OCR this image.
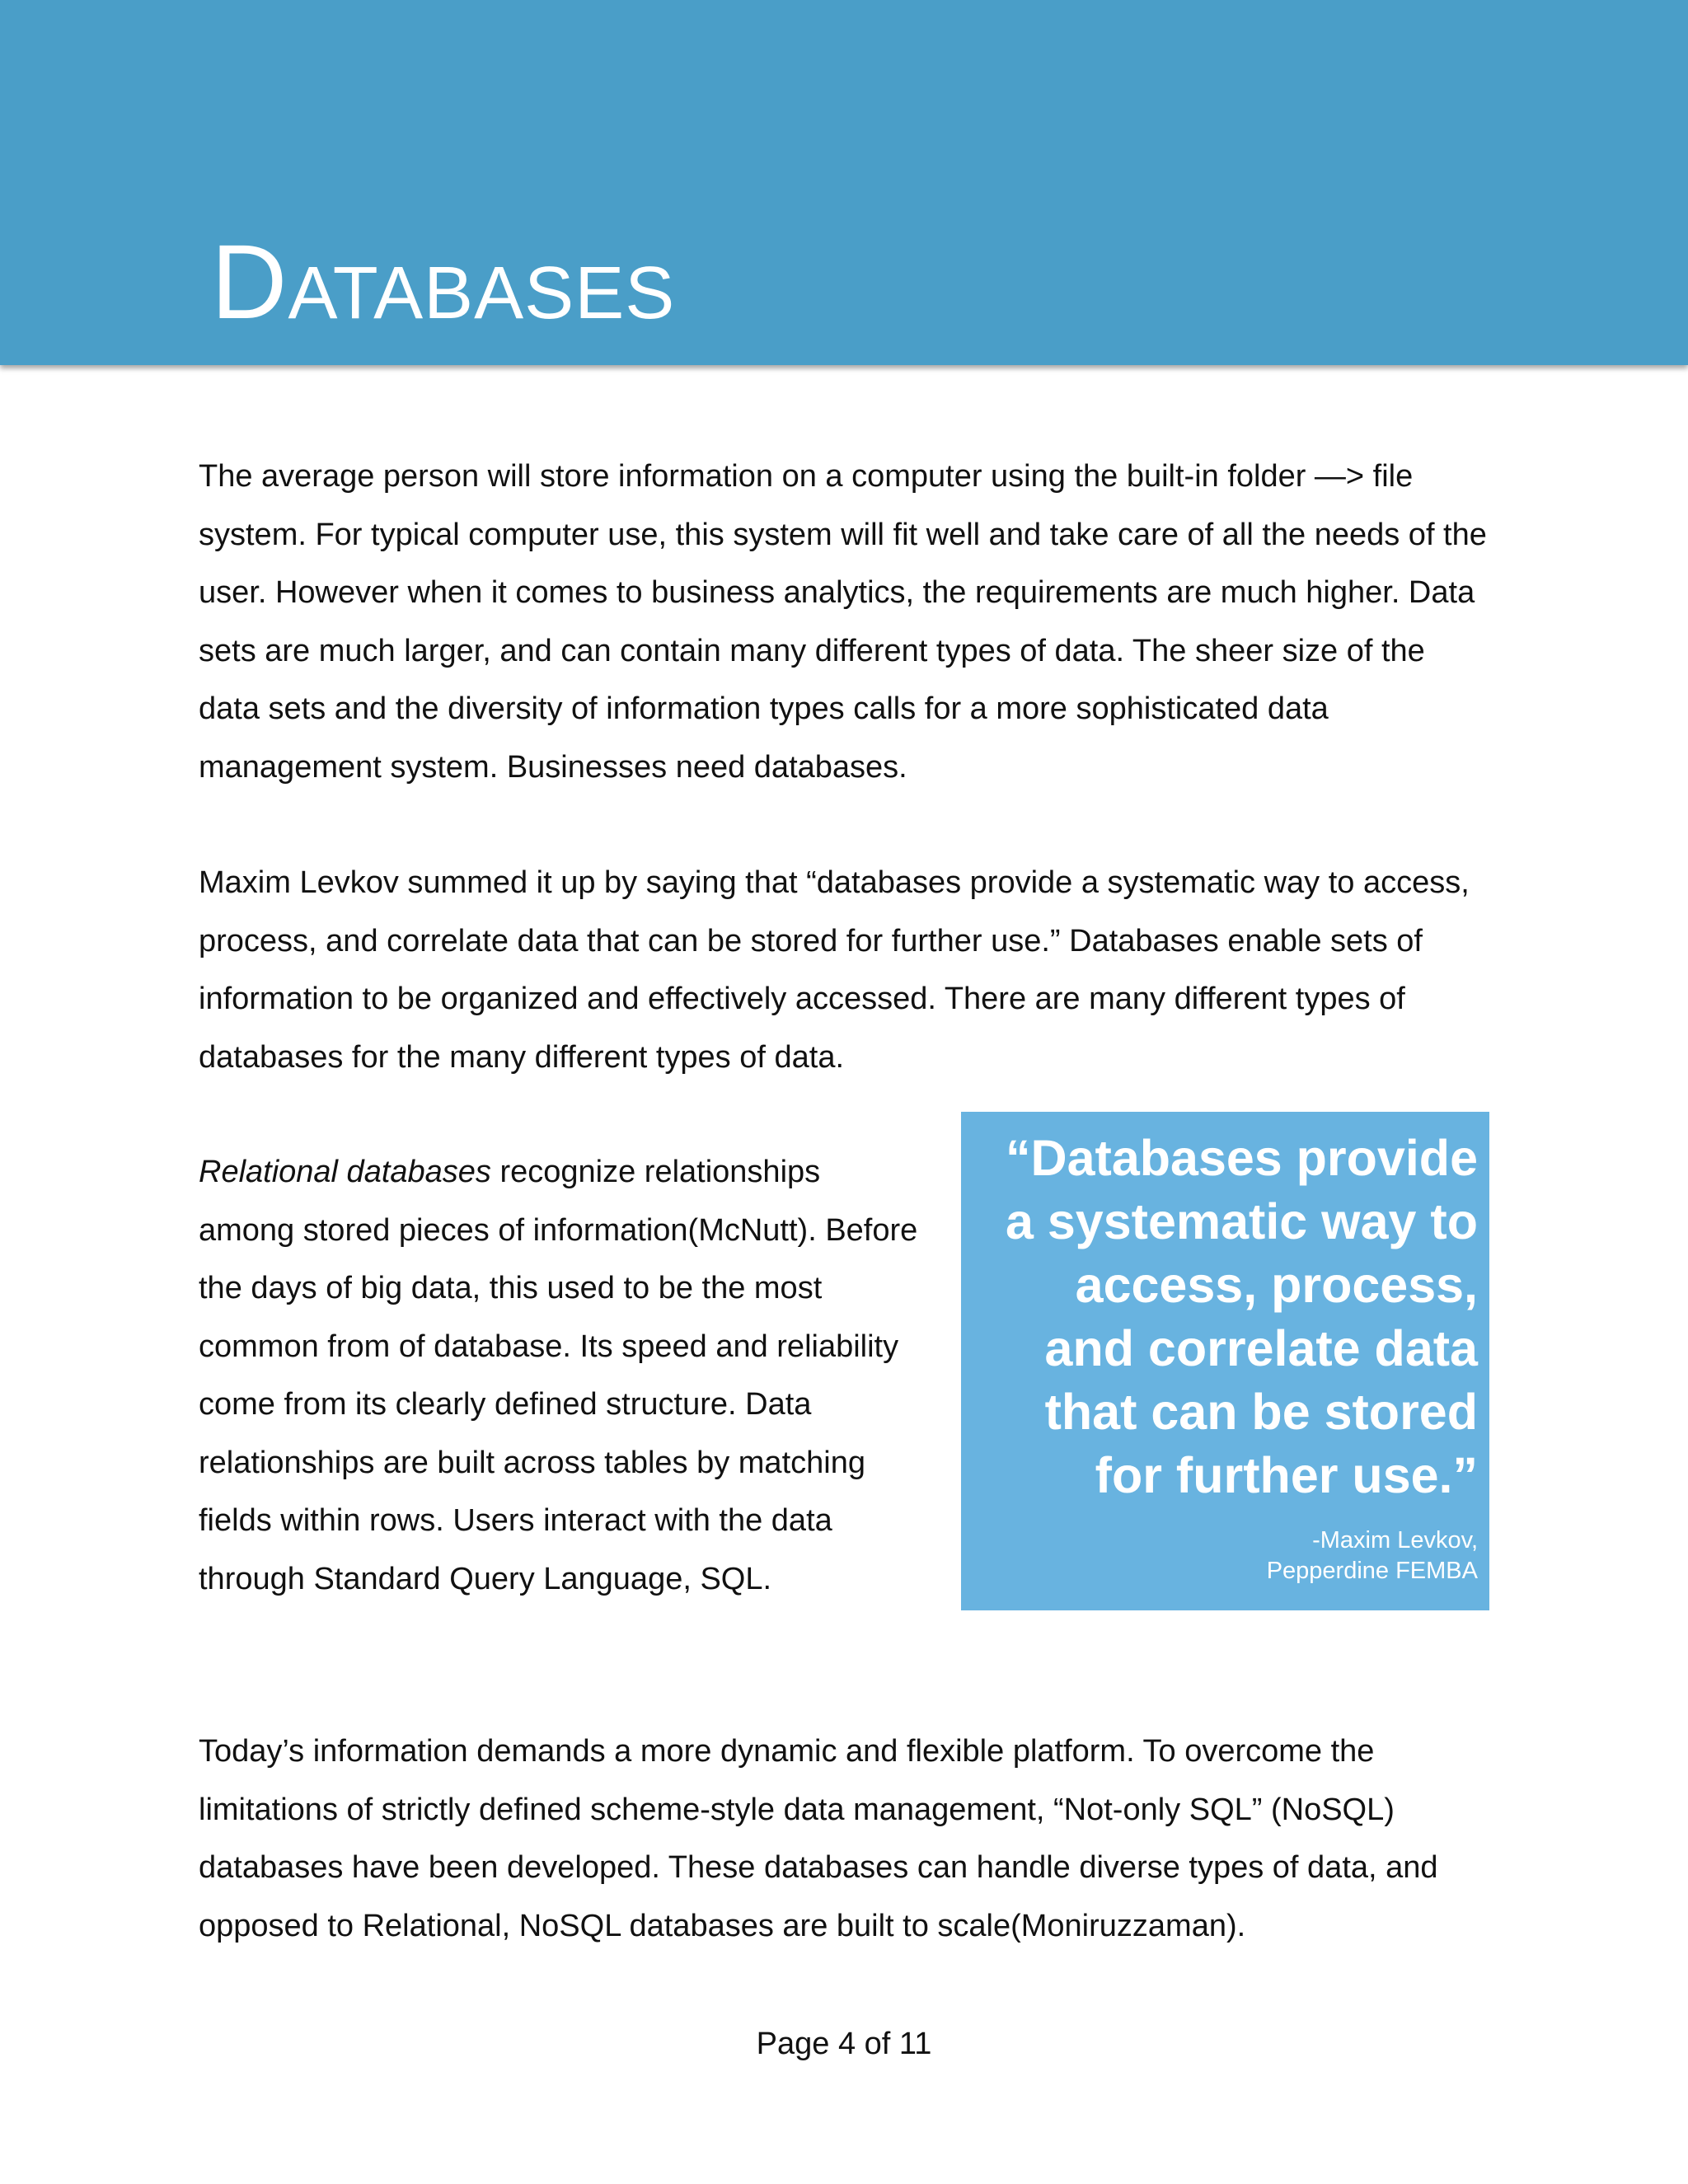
Databases

The average person will store information on a computer using the built-in folder —> file system. For typical computer use, this system will fit well and take care of all the needs of the user. However when it comes to business analytics, the requirements are much higher. Data sets are much larger, and can contain many different types of data. The sheer size of the data sets and the diversity of information types calls for a more sophisticated data management system. Businesses need databases.

Maxim Levkov summed it up by saying that “databases provide a systematic way to access, process, and correlate data that can be stored for further use.” Databases enable sets of information to be organized and effectively accessed. There are many different types of databases for the many different types of data.

Relational databases recognize relationships among stored pieces of information(McNutt). Before the days of big data, this used to be the most common from of database. Its speed and reliability come from its clearly defined structure. Data relationships are built across tables by matching fields within rows. Users interact with the data through Standard Query Language, SQL.

“Databases provide a systematic way to access, process, and correlate data that can be stored for further use.”

-Maxim Levkov,
Pepperdine FEMBA

Today’s information demands a more dynamic and flexible platform. To overcome the limitations of strictly defined scheme-style data management, “Not-only SQL” (NoSQL) databases have been developed. These databases can handle diverse types of data, and opposed to Relational, NoSQL databases are built to scale(Moniruzzaman).

Page 4 of 11
